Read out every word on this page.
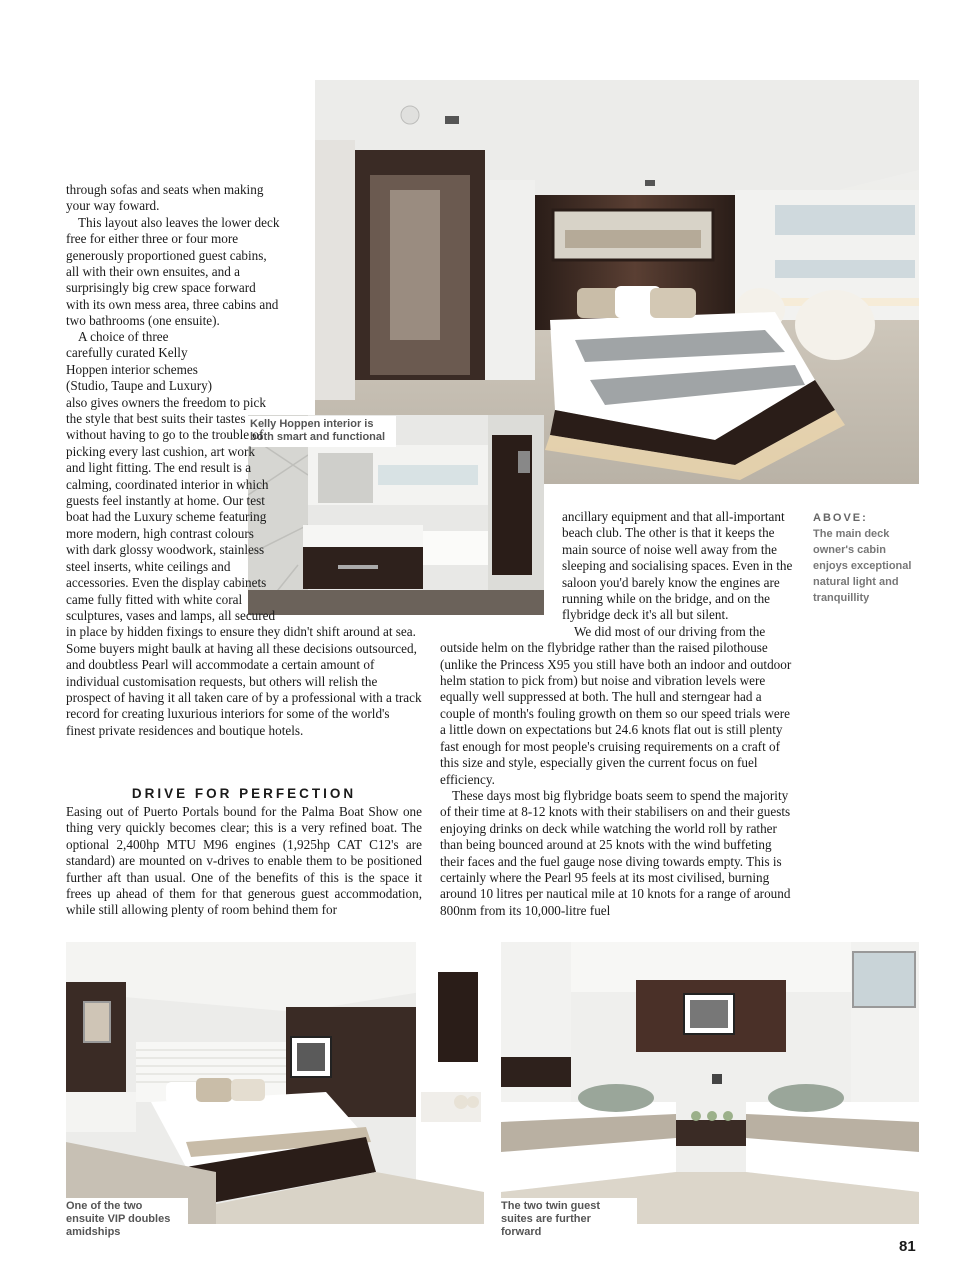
ABOVE:
The main deck owner's cabin enjoys exceptional natural light and tranquillity
Kelly Hoppen interior is both smart and functional

through sofas and seats when making your way foward.

This layout also leaves the lower deck free for either three or four more generously proportioned guest cabins, all with their own ensuites, and a surprisingly big crew space forward with its own mess area, three cabins and two bathrooms (one ensuite).

A choice of three carefully curated Kelly Hoppen interior schemes (Studio, Taupe and Luxury) also gives owners the freedom to pick the style that best suits their tastes without having to go to the trouble of picking every last cushion, art work and light fitting. The end result is a calming, coordinated interior in which guests feel instantly at home. Our test boat had the Luxury scheme featuring more modern, high contrast colours with dark glossy woodwork, stainless steel inserts, white ceilings and accessories. Even the display cabinets came fully fitted with white coral sculptures, vases and lamps, all secured in place by hidden fixings to ensure they didn't shift around at sea. Some buyers might baulk at having all these decisions outsourced, and doubtless Pearl will accommodate a certain amount of individual customisation requests, but others will relish the prospect of having it all taken care of by a professional with a track record for creating luxurious interiors for some of the world's finest private residences and boutique hotels.

DRIVE FOR PERFECTION

Easing out of Puerto Portals bound for the Palma Boat Show one thing very quickly becomes clear; this is a very refined boat. The optional 2,400hp MTU M96 engines (1,925hp CAT C12's are standard) are mounted on v-drives to enable them to be positioned further aft than usual. One of the benefits of this is the space it frees up ahead of them for that generous guest accommodation, while still allowing plenty of room behind them for

ancillary equipment and that all-important beach club. The other is that it keeps the main source of noise well away from the sleeping and socialising spaces. Even in the saloon you'd barely know the engines are running while on the bridge, and on the flybridge deck it's all but silent.

We did most of our driving from the outside helm on the flybridge rather than the raised pilothouse (unlike the Princess X95 you still have both an indoor and outdoor helm station to pick from) but noise and vibration levels were equally well suppressed at both. The hull and sterngear had a couple of month's fouling growth on them so our speed trials were a little down on expectations but 24.6 knots flat out is still plenty fast enough for most people's cruising requirements on a craft of this size and style, especially given the current focus on fuel efficiency.

These days most big flybridge boats seem to spend the majority of their time at 8-12 knots with their stabilisers on and their guests enjoying drinks on deck while watching the world roll by rather than being bounced around at 25 knots with the wind buffeting their faces and the fuel gauge nose diving towards empty. This is certainly where the Pearl 95 feels at its most civilised, burning around 10 litres per nautical mile at 10 knots for a range of around 800nm from its 10,000-litre fuel

One of the two ensuite VIP doubles amidships
The two twin guest suites are further forward
81
